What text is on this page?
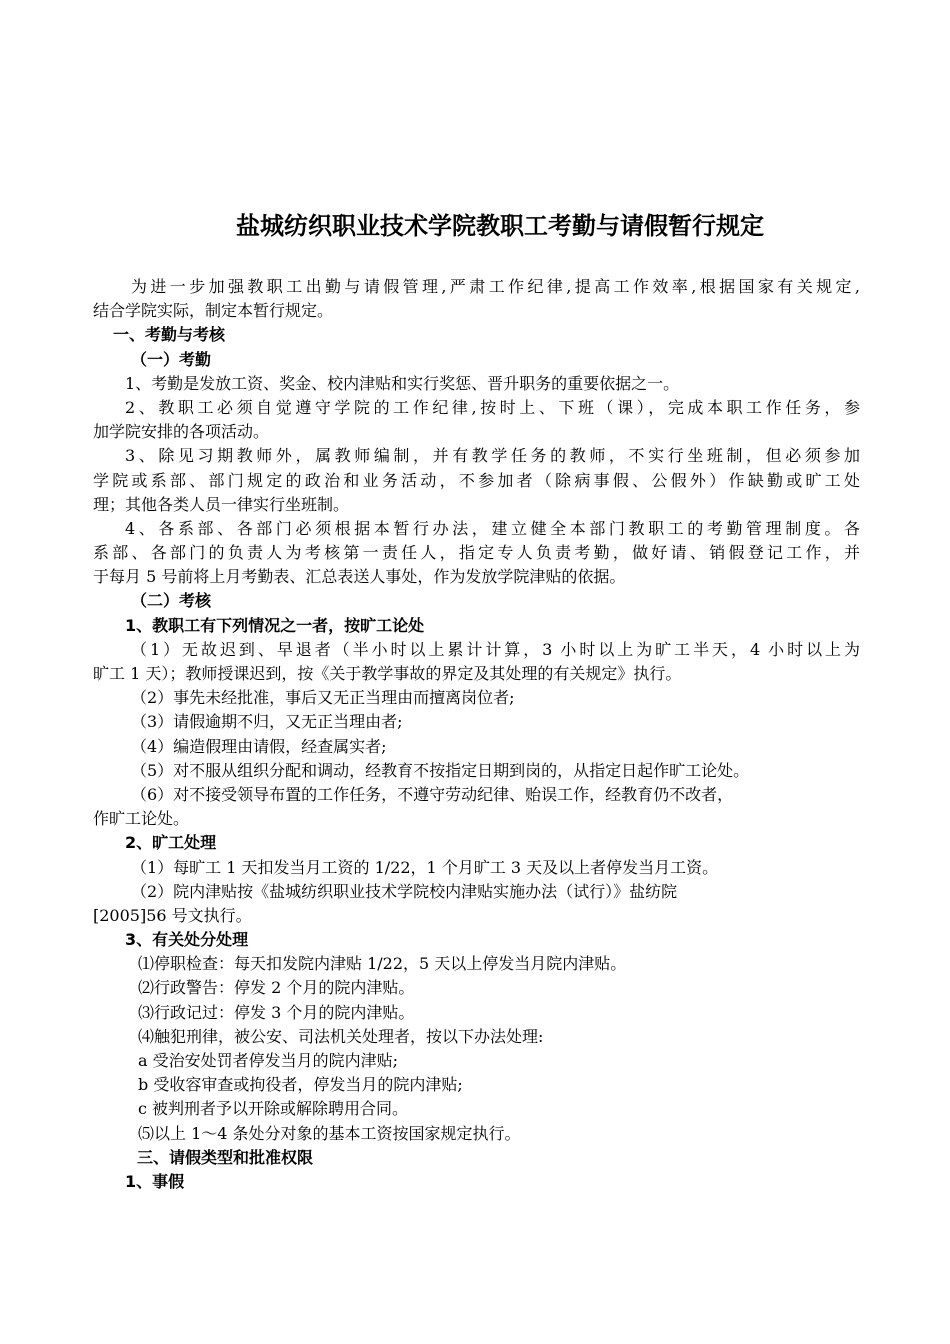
盐城纺织职业技术学院教职工考勤与请假暂行规定
为进一步加强教职工出勤与请假管理,严肃工作纪律,提高工作效率,根据国家有关规定,
结合学院实际，制定本暂行规定。
一、考勤与考核
（一）考勤
1、考勤是发放工资、奖金、校内津贴和实行奖惩、晋升职务的重要依据之一。
2、教职工必须自觉遵守学院的工作纪律,按时上、下班（课），完成本职工作任务，参
加学院安排的各项活动。
3、除见习期教师外，属教师编制，并有教学任务的教师，不实行坐班制，但必须参加
学院或系部、部门规定的政治和业务活动，不参加者（除病事假、公假外）作缺勤或旷工处
理；其他各类人员一律实行坐班制。
4、各系部、各部门必须根据本暂行办法，建立健全本部门教职工的考勤管理制度。各
系部、各部门的负责人为考核第一责任人，指定专人负责考勤，做好请、销假登记工作，并
于每月 5 号前将上月考勤表、汇总表送人事处，作为发放学院津贴的依据。
（二）考核
1、教职工有下列情况之一者，按旷工论处
（1）无故迟到、早退者（半小时以上累计计算，3 小时以上为旷工半天，4 小时以上为
旷工 1 天）；教师授课迟到，按《关于教学事故的界定及其处理的有关规定》执行。
（2）事先未经批准，事后又无正当理由而擅离岗位者;
（3）请假逾期不归，又无正当理由者;
（4）编造假理由请假，经查属实者;
（5）对不服从组织分配和调动，经教育不按指定日期到岗的，从指定日起作旷工论处。
（6）对不接受领导布置的工作任务，不遵守劳动纪律、贻误工作，经教育仍不改者，
作旷工论处。
2、旷工处理
（1）每旷工 1 天扣发当月工资的 1/22，1 个月旷工 3 天及以上者停发当月工资。
（2）院内津贴按《盐城纺织职业技术学院校内津贴实施办法（试行）》盐纺院
[2005]56 号文执行。
3、有关处分处理
⑴停职检查：每天扣发院内津贴 1/22，5 天以上停发当月院内津贴。
⑵行政警告：停发 2 个月的院内津贴。
⑶行政记过：停发 3 个月的院内津贴。
⑷触犯刑律，被公安、司法机关处理者，按以下办法处理:
a 受治安处罚者停发当月的院内津贴;
b 受收容审查或拘役者，停发当月的院内津贴;
c 被判刑者予以开除或解除聘用合同。
⑸以上 1～4 条处分对象的基本工资按国家规定执行。
三、请假类型和批准权限
1、事假
